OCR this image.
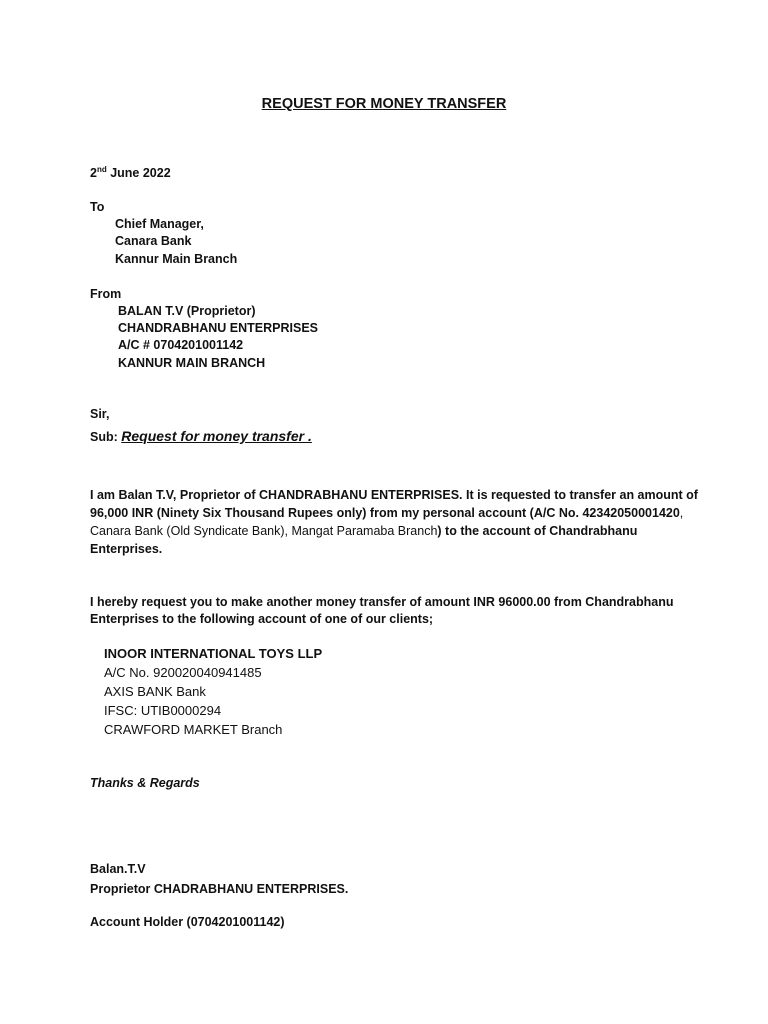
REQUEST FOR MONEY TRANSFER
2nd June 2022
To
Chief Manager,
Canara Bank
Kannur Main Branch
From
BALAN T.V (Proprietor)
CHANDRABHANU ENTERPRISES
A/C # 0704201001142
KANNUR MAIN BRANCH
Sir,
Sub: Request for money transfer .
I am Balan T.V, Proprietor of CHANDRABHANU ENTERPRISES. It is requested to transfer an amount of
96,000 INR (Ninety Six Thousand Rupees only) from my personal account (A/C No. 42342050001420,
Canara Bank (Old Syndicate Bank), Mangat Paramaba Branch) to the account of Chandrabhanu
Enterprises.
I hereby request you to make another money transfer of amount INR 96000.00 from Chandrabhanu
Enterprises to the following account of one of our clients;
INOOR INTERNATIONAL TOYS LLP
A/C No. 920020040941485
AXIS BANK Bank
IFSC: UTIB0000294
CRAWFORD MARKET Branch
Thanks & Regards
Balan.T.V
Proprietor CHADRABHANU ENTERPRISES.
Account Holder (0704201001142)
